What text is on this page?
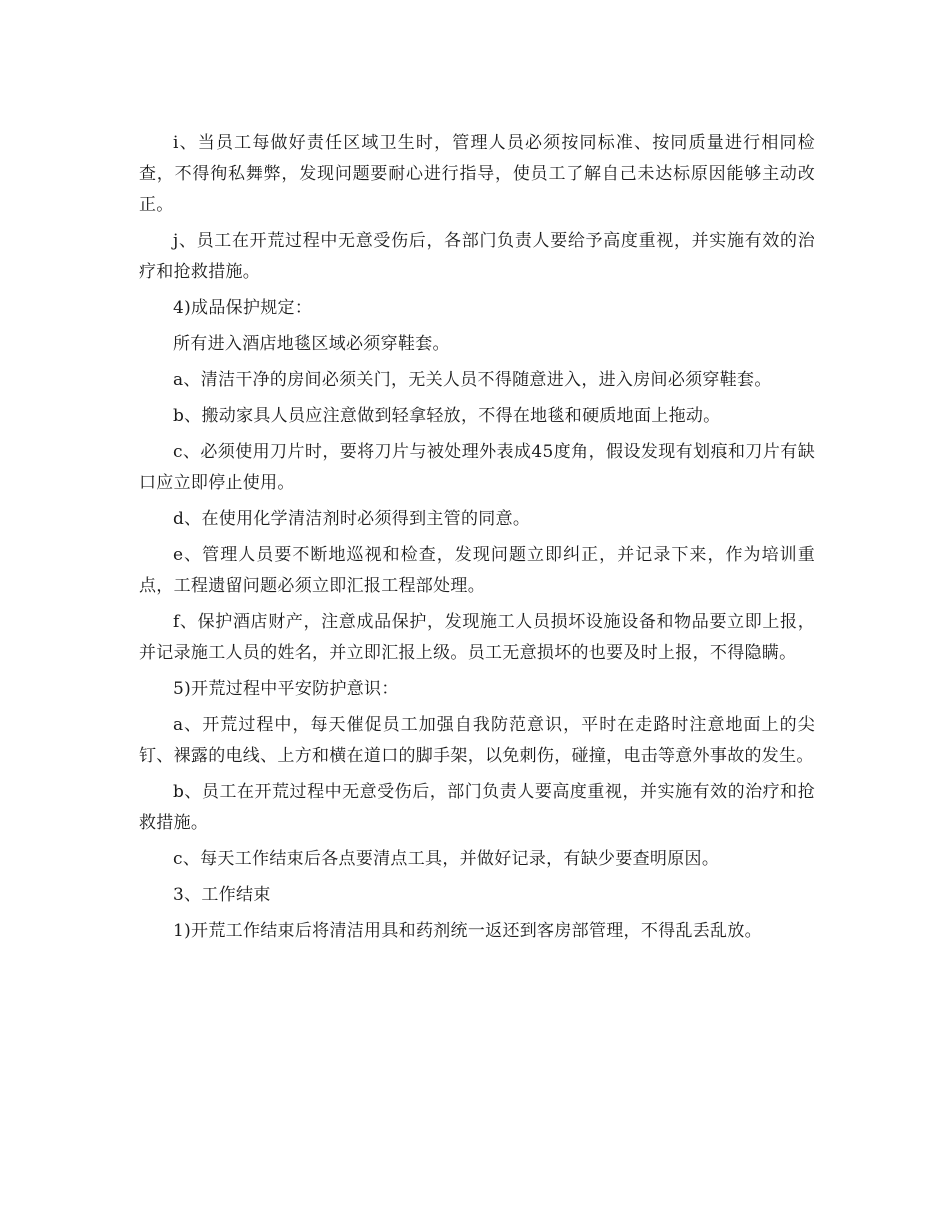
i、当员工每做好责任区域卫生时，管理人员必须按同标准、按同质量进行相同检查，不得徇私舞弊，发现问题要耐心进行指导，使员工了解自己未达标原因能够主动改正。

j、员工在开荒过程中无意受伤后，各部门负责人要给予高度重视，并实施有效的治疗和抢救措施。

4)成品保护规定：

所有进入酒店地毯区域必须穿鞋套。

a、清洁干净的房间必须关门，无关人员不得随意进入，进入房间必须穿鞋套。

b、搬动家具人员应注意做到轻拿轻放，不得在地毯和硬质地面上拖动。

c、必须使用刀片时，要将刀片与被处理外表成45度角，假设发现有划痕和刀片有缺口应立即停止使用。

d、在使用化学清洁剂时必须得到主管的同意。

e、管理人员要不断地巡视和检查，发现问题立即纠正，并记录下来，作为培训重点，工程遗留问题必须立即汇报工程部处理。

f、保护酒店财产，注意成品保护，发现施工人员损坏设施设备和物品要立即上报，并记录施工人员的姓名，并立即汇报上级。员工无意损坏的也要及时上报，不得隐瞒。

5)开荒过程中平安防护意识：

a、开荒过程中，每天催促员工加强自我防范意识，平时在走路时注意地面上的尖钉、裸露的电线、上方和横在道口的脚手架，以免刺伤，碰撞，电击等意外事故的发生。

b、员工在开荒过程中无意受伤后，部门负责人要高度重视，并实施有效的治疗和抢救措施。

c、每天工作结束后各点要清点工具，并做好记录，有缺少要查明原因。

3、工作结束

1)开荒工作结束后将清洁用具和药剂统一返还到客房部管理，不得乱丢乱放。
